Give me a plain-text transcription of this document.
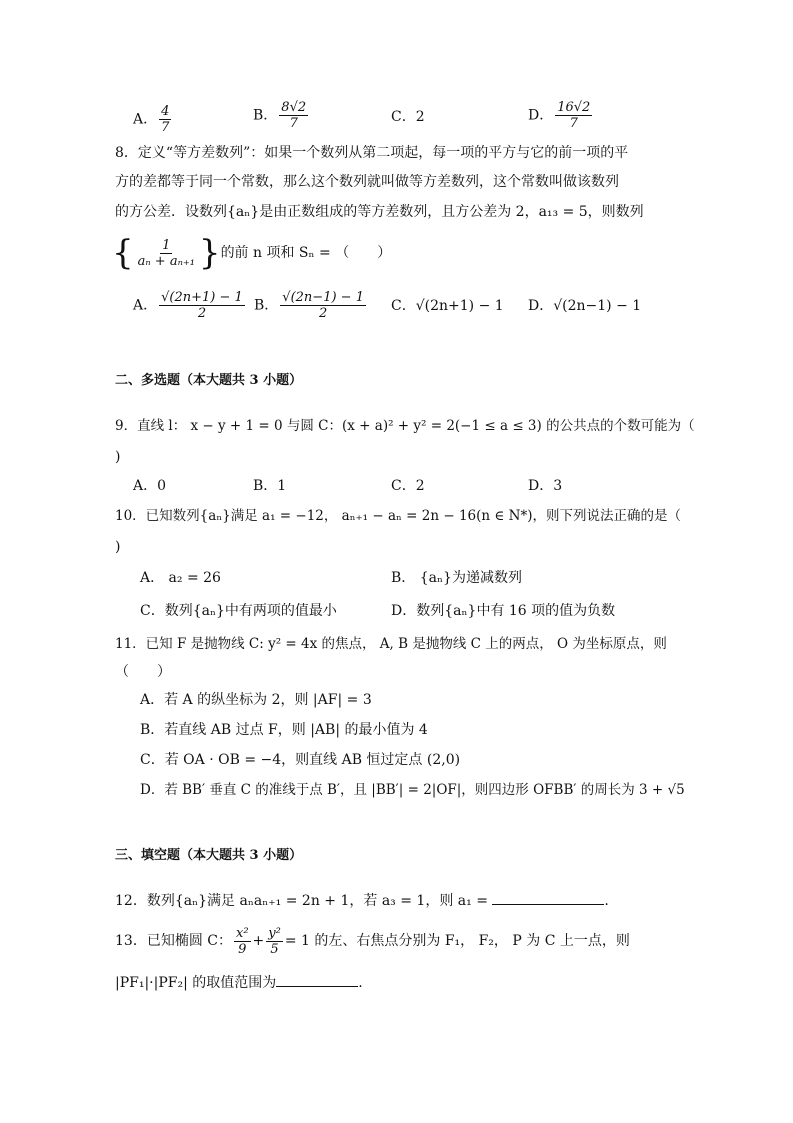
A． $\frac{4}{7}$	B． $\frac{8√2}{7}$	C．2	D． $\frac{16√2}{7}$
8．定义“等方差数列”：如果一个数列从第二项起，每一项的平方与它的前一项的平
方的差都等于同一个常数，那么这个数列就叫做等方差数列，这个常数叫做该数列
的方公差．设数列{aₙ}是由正数组成的等方差数列，且方公差为 2，a₁₃ = 5，则数列
{ $\frac{1}{\text{aₙ + aₙ₊₁}}$ }的前 n 项和 Sₙ = （　　）
A． $\frac{√(2n+1) - 1}{2}$ B． $\frac{√(2n-1) - 1}{2}$ C．√(2n+1) − 1 D．√(2n−1) − 1
二、多选题（本大题共 3 小题）
9．直线 l： x − y + 1 = 0 与圆 C：(x + a)² + y² = 2(−1 ≤ a ≤ 3) 的公共点的个数可能为（
)
A．0	B．1	C．2	D．3
10．已知数列{aₙ}满足 a₁ = −12， aₙ₊₁ − aₙ = 2n − 16(n ∈ N*)，则下列说法正确的是（
)
A． a₂ = 26	B． {aₙ}为递减数列
C．数列{aₙ}中有两项的值最小	D．数列{aₙ}中有 16 项的值为负数
11．已知 F 是抛物线 C: y² = 4x 的焦点， A, B 是抛物线 C 上的两点， O 为坐标原点，则
（　　）
A．若 A 的纵坐标为 2，则 |AF| = 3
B．若直线 AB 过点 F，则 |AB| 的最小值为 4
C．若 OA · OB = −4，则直线 AB 恒过定点 (2,0)
D．若 BB′ 垂直 C 的准线于点 B′，且 |BB′| = 2|OF|，则四边形 OFBB′ 的周长为 3 + √5
三、填空题（本大题共 3 小题）
12．数列{aₙ}满足 aₙaₙ₊₁ = 2n + 1，若 a₃ = 1，则 a₁ =	.
13．已知椭圆 C： $\frac{\text{x²}}{9} + \frac{\text{y²}}{5} = 1$ 的左、右焦点分别为 F₁， F₂， P 为 C 上一点，则
|PF₁|·|PF₂| 的取值范围为	.
